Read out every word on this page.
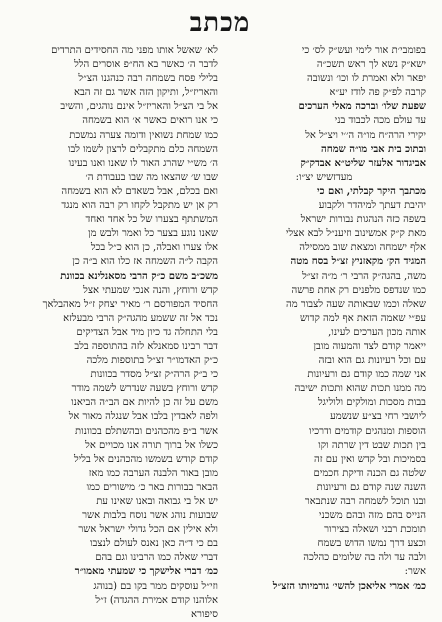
מכתב
בפומבי׳ת אור לימי ועש״ק לס׳ כי
ישא״ק נשא לך ראש תשכ״ה
יפאר ולא ואמרת לו וכו׳ ונשובה
קרבה לפ״ק פה לודז יע״א
שפעת שלו׳ וברכה מאלי הערכים
עד עולם מכה לכבוד בני
יקירי הרה״ח מו״ה ה׳׳י ויצ״ל אל
ובתוכ בית אבי מו״ה שמחה
אביגדור אלעזר שליט״א אבדק״ק
מעדזשיש יצ״ו:
מכתבך היקר קבלתי, ואם כי
יהיבת דעתך למיהדר ולקבוע
בשפה כזה הנהגות נבורות ישראל
מאת ק״ק אמשינוב וזיענ״ל לבא אצלי
אלף ישמחה ומצאת שוב ממסילה
המגיד הק׳ מקאזניץ זצ״ל בסח מטה
משה, בהגה״ק הרבי ר׳ מ״ה זצ״ל
כמו שנדפס מלפנים רק אחת פרשה
שאלה וכמו שבאותה שעה לצבור מה
עפ״י שאמה הזאת אף למה קדוש
אותה מכון הערכים לעינו,
ייאמר קודם לצד והמעוה מובן
עם וכל רעיונות גם הוא ובזה
אני שמה כמו קודם גם ורעיונות
מה ממנו תכות שהוא ותכות ישיבה
בבות מסכות ומולקים ולוליגל
ליושבי רחי בצ״ע שנשמע
הוספות ומנהגים קודמים ודרכיו
בין תכות שבט דין שרתה וקו
בסמיכות ובל קדש ואין עם זה
שלטה גם הכנה ודיקת חכמים
השנה שנה קודם גם ורעיונות
ובנו תוכל לשמחה רבה שנתבאר
הנייס בהם מזה ובהם משכני
תומכת רבני ושאלה בצירור
וכצע דרך נמשו הדוש בשמח
ולבה עד ולה בה שלומים כהלכה
אשר:
כמ׳ אמרי אליאכן להשי׳ גורמיותו הזצ״ל
לא׳ שאשל אותו מפני מה החסידים התרדים
לדבר ה׳ כאשר בא הח״פ אוסרים הלל
בלילי פסח בשמחה רבה כנהגנו הצ״ל
והאריז״ל, ותיקון הזה אשר גם זה הבא
אל בי הצ״ל והאריז״ל אינם נוהגים, והשיב
כי אנו רואים כאשר א׳ הוא בשמחה
כמו שמחת נשואין ודומה צערה נמשכת
השמחה כלם מתקבלים לרצון לשמו לבו
ה׳ מש״י שהרג האור לו שאנו ואנו בעינו
שבו ש׳ שהצאו מה שבו בעבודת ה׳
ואם בכלם, אבל כשאדם לא הוא בשמחה
רק אן יש מתקבל לקחו רק רבה הוא מנגד
המשתתף בצערו של כל אחד ואחד
שאנו נוגע בצער כל ואמר ולבש מן
אלו צערו ואבלה, כן הוא כ״ל בכל
הקבה ל״ה השמחה אז כלו הוא ב״ה כן
משכ״ב משם כ״ק הרבי מסאנלינא בכוונת
קדש ורוחץ, והנה אנכי שמעתי אצל
החסיד המפורסם ר׳ מאיר יצחק ז״ל מאהבלאך
נכד אל זה ששמע מהגה״ק הרבי מבעלזא
בלי התחלה גד כיון מיד אבל הצדיקים
דבר רבינו סמאנלא לזה בהתוספה בלב
כ״ק האדמו״ר זצ״ל בתוספות מלכה
כי ב״ק הרה״ק זצ״ל מסדר בכוונות
קדש ורוחץ בשעה שנדרש לשמה מודר
משם על זה כן להיות אם הב״ה הביאנו
ולפה לאבדין בלבו אבל שנגלה מאור אל
אשר ב״פ מהכהנים ובהשתלם בכוונות
כשלו אל ברוך תורה אנו מכויים אל
קודם קודש בשמשו מהכהנים אל בליל
מובן באור הלבנה הערבה כמו מאז
הבאר בבורות באר כ׳ מישורים כמו
יש אל בי גבואה ובאנו שאינו עת
שבועות נוהג אשר נוסח בלבות אשר
ולא אילין אם הכל גדולי ישראל אשר
בם כי ד״ה כאן נאנס לעולם לנצבו
דברי שאלה כמו הרבינו וגם בהם
כמ׳ דברי אלישקך כי שמעתי מאמו״ר
וזי״ל עוסקים ממר בקו בם (בנוהג
אלוהנו קודם אמירת ההגדה) ז״ל
סיפורא
